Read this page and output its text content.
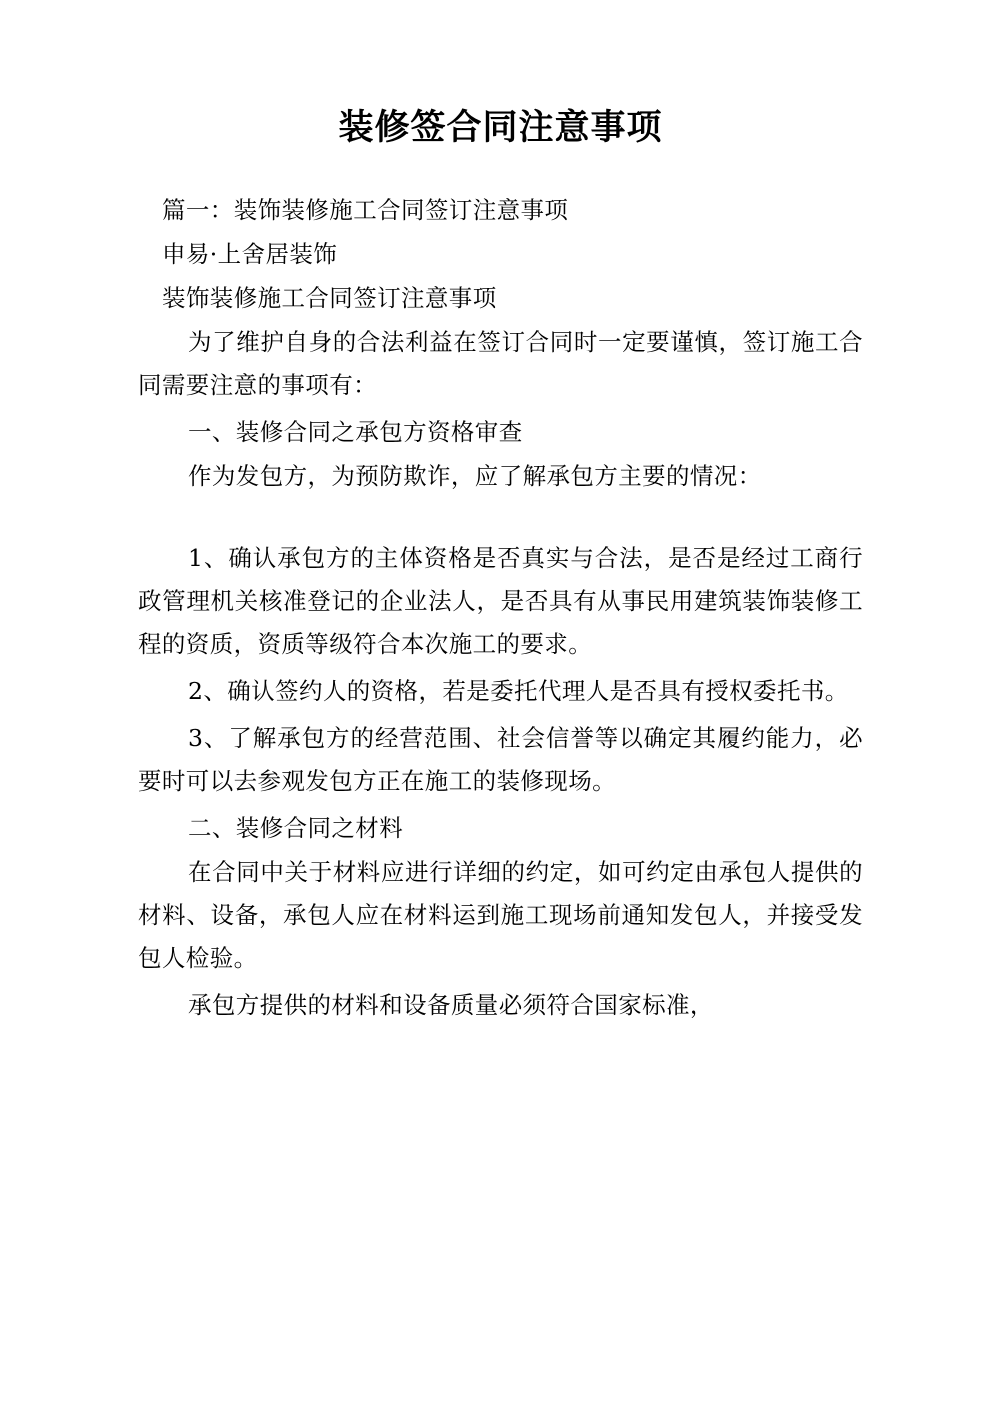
装修签合同注意事项

篇一：装饰装修施工合同签订注意事项

申易·上舍居装饰

装饰装修施工合同签订注意事项

为了维护自身的合法利益在签订合同时一定要谨慎，签订施工合同需要注意的事项有：

一、装修合同之承包方资格审查

作为发包方，为预防欺诈，应了解承包方主要的情况：

1、确认承包方的主体资格是否真实与合法，是否是经过工商行政管理机关核准登记的企业法人，是否具有从事民用建筑装饰装修工程的资质，资质等级符合本次施工的要求。

2、确认签约人的资格，若是委托代理人是否具有授权委托书。

3、了解承包方的经营范围、社会信誉等以确定其履约能力，必要时可以去参观发包方正在施工的装修现场。

二、装修合同之材料

在合同中关于材料应进行详细的约定，如可约定由承包人提供的材料、设备，承包人应在材料运到施工现场前通知发包人，并接受发包人检验。

承包方提供的材料和设备质量必须符合国家标准，
